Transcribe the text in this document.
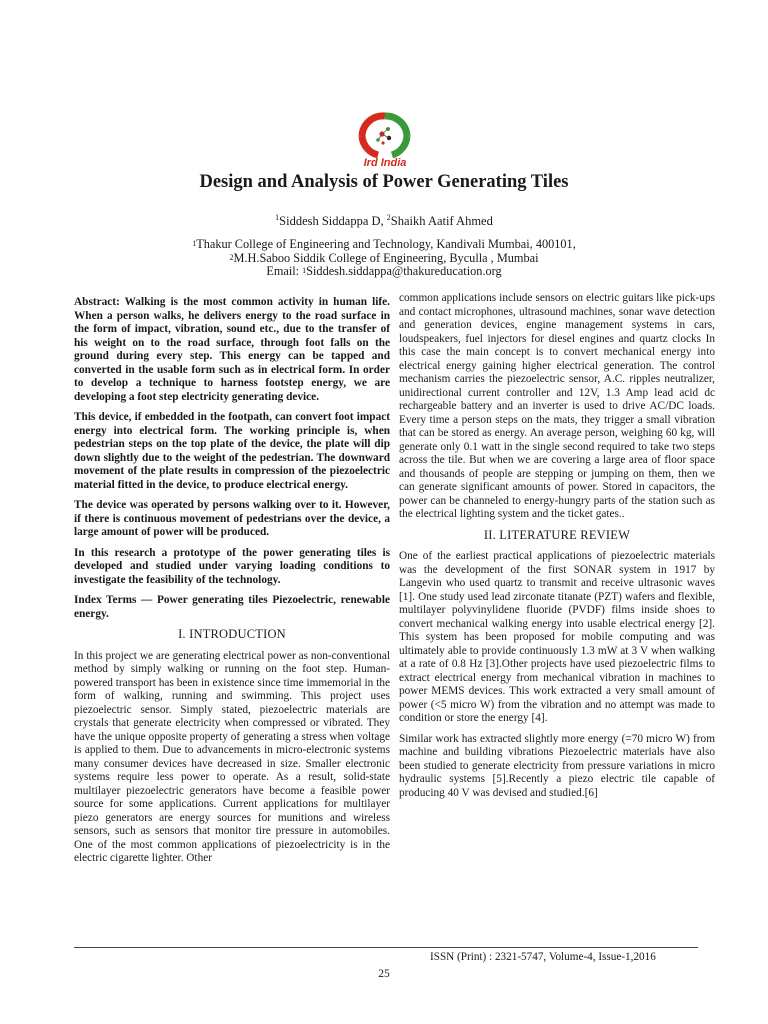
Ird India
Design and Analysis of Power Generating Tiles
$^1$Siddesh Siddappa D, $^2$Shaikh Aatif Ahmed
$^1$Thakur College of Engineering and Technology, Kandivali Mumbai, 400101,
$^2$M.H.Saboo Siddik College of Engineering, Byculla , Mumbai
Email: $^1$Siddesh.siddappa@thakureducation.org

Abstract: Walking is the most common activity in human life. When a person walks, he delivers energy to the road surface in the form of impact, vibration, sound etc., due to the transfer of his weight on to the road surface, through foot falls on the ground during every step. This energy can be tapped and converted in the usable form such as in electrical form. In order to develop a technique to harness footstep energy, we are developing a foot step electricity generating device.

This device, if embedded in the footpath, can convert foot impact energy into electrical form. The working principle is, when pedestrian steps on the top plate of the device, the plate will dip down slightly due to the weight of the pedestrian. The downward movement of the plate results in compression of the piezoelectric material fitted in the device, to produce electrical energy.

The device was operated by persons walking over to it. However, if there is continuous movement of pedestrians over the device, a large amount of power will be produced.

In this research a prototype of the power generating tiles is developed and studied under varying loading conditions to investigate the feasibility of the technology.

Index Terms — Power generating tiles Piezoelectric, renewable energy.

I. INTRODUCTION

In this project we are generating electrical power as non-conventional method by simply walking or running on the foot step. Human-powered transport has been in existence since time immemorial in the form of walking, running and swimming. This project uses piezoelectric sensor. Simply stated, piezoelectric materials are crystals that generate electricity when compressed or vibrated. They have the unique opposite property of generating a stress when voltage is applied to them. Due to advancements in micro-electronic systems many consumer devices have decreased in size. Smaller electronic systems require less power to operate. As a result, solid-state multilayer piezoelectric generators have become a feasible power source for some applications. Current applications for multilayer piezo generators are energy sources for munitions and wireless sensors, such as sensors that monitor tire pressure in automobiles. One of the most common applications of piezoelectricity is in the electric cigarette lighter. Other

common applications include sensors on electric guitars like pick-ups and contact microphones, ultrasound machines, sonar wave detection and generation devices, engine management systems in cars, loudspeakers, fuel injectors for diesel engines and quartz clocks In this case the main concept is to convert mechanical energy into electrical energy gaining higher electrical generation. The control mechanism carries the piezoelectric sensor, A.C. ripples neutralizer, unidirectional current controller and 12V, 1.3 Amp lead acid dc rechargeable battery and an inverter is used to drive AC/DC loads. Every time a person steps on the mats, they trigger a small vibration that can be stored as energy. An average person, weighing 60 kg, will generate only 0.1 watt in the single second required to take two steps across the tile. But when we are covering a large area of floor space and thousands of people are stepping or jumping on them, then we can generate significant amounts of power. Stored in capacitors, the power can be channeled to energy-hungry parts of the station such as the electrical lighting system and the ticket gates..

II. LITERATURE REVIEW

One of the earliest practical applications of piezoelectric materials was the development of the first SONAR system in 1917 by Langevin who used quartz to transmit and receive ultrasonic waves [1]. One study used lead zirconate titanate (PZT) wafers and flexible, multilayer polyvinylidene fluoride (PVDF) films inside shoes to convert mechanical walking energy into usable electrical energy [2]. This system has been proposed for mobile computing and was ultimately able to provide continuously 1.3 mW at 3 V when walking at a rate of 0.8 Hz [3].Other projects have used piezoelectric films to extract electrical energy from mechanical vibration in machines to power MEMS devices. This work extracted a very small amount of power (<5 micro W) from the vibration and no attempt was made to condition or store the energy [4].

Similar work has extracted slightly more energy (=70 micro W) from machine and building vibrations Piezoelectric materials have also been studied to generate electricity from pressure variations in micro hydraulic systems [5].Recently a piezo electric tile capable of producing 40 V was devised and studied.[6]

ISSN (Print) : 2321-5747, Volume-4, Issue-1,2016
25
